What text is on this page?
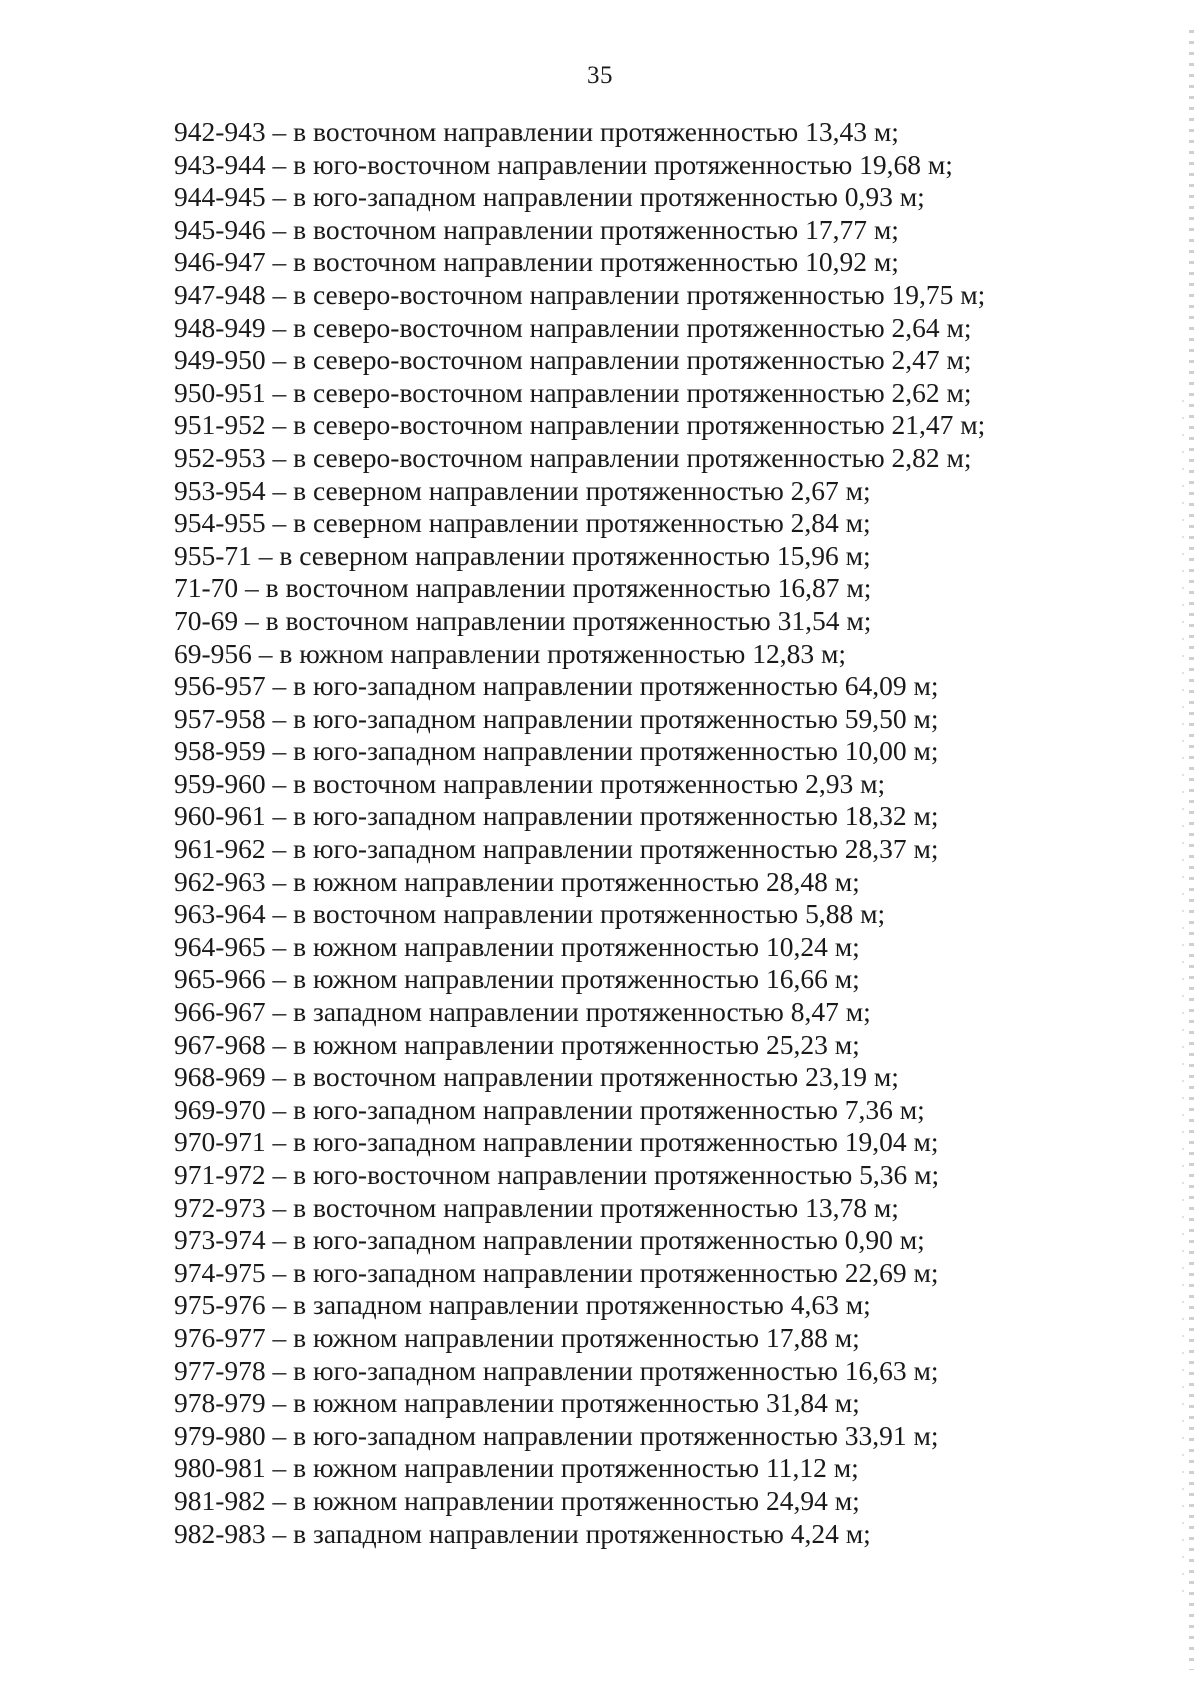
35
942-943 – в восточном направлении протяженностью 13,43 м;
943-944 – в юго-восточном направлении протяженностью 19,68 м;
944-945 – в юго-западном направлении протяженностью 0,93 м;
945-946 – в восточном направлении протяженностью 17,77 м;
946-947 – в восточном направлении протяженностью 10,92 м;
947-948 – в северо-восточном направлении протяженностью 19,75 м;
948-949 – в северо-восточном направлении протяженностью 2,64 м;
949-950 – в северо-восточном направлении протяженностью 2,47 м;
950-951 – в северо-восточном направлении протяженностью 2,62 м;
951-952 – в северо-восточном направлении протяженностью 21,47 м;
952-953 – в северо-восточном направлении протяженностью 2,82 м;
953-954 – в северном направлении протяженностью 2,67 м;
954-955 – в северном направлении протяженностью 2,84 м;
955-71 – в северном направлении протяженностью 15,96 м;
71-70 – в восточном направлении протяженностью 16,87 м;
70-69 – в восточном направлении протяженностью 31,54 м;
69-956 – в южном направлении протяженностью 12,83 м;
956-957 – в юго-западном направлении протяженностью 64,09 м;
957-958 – в юго-западном направлении протяженностью 59,50 м;
958-959 – в юго-западном направлении протяженностью 10,00 м;
959-960 – в восточном направлении протяженностью 2,93 м;
960-961 – в юго-западном направлении протяженностью 18,32 м;
961-962 – в юго-западном направлении протяженностью 28,37 м;
962-963 – в южном направлении протяженностью 28,48 м;
963-964 – в восточном направлении протяженностью 5,88 м;
964-965 – в южном направлении протяженностью 10,24 м;
965-966 – в южном направлении протяженностью 16,66 м;
966-967 – в западном направлении протяженностью 8,47 м;
967-968 – в южном направлении протяженностью 25,23 м;
968-969 – в восточном направлении протяженностью 23,19 м;
969-970 – в юго-западном направлении протяженностью 7,36 м;
970-971 – в юго-западном направлении протяженностью 19,04 м;
971-972 – в юго-восточном направлении протяженностью 5,36 м;
972-973 – в восточном направлении протяженностью 13,78 м;
973-974 – в юго-западном направлении протяженностью 0,90 м;
974-975 – в юго-западном направлении протяженностью 22,69 м;
975-976 – в западном направлении протяженностью 4,63 м;
976-977 – в южном направлении протяженностью 17,88 м;
977-978 – в юго-западном направлении протяженностью 16,63 м;
978-979 – в южном направлении протяженностью 31,84 м;
979-980 – в юго-западном направлении протяженностью 33,91 м;
980-981 – в южном направлении протяженностью 11,12 м;
981-982 – в южном направлении протяженностью 24,94 м;
982-983 – в западном направлении протяженностью 4,24 м;
